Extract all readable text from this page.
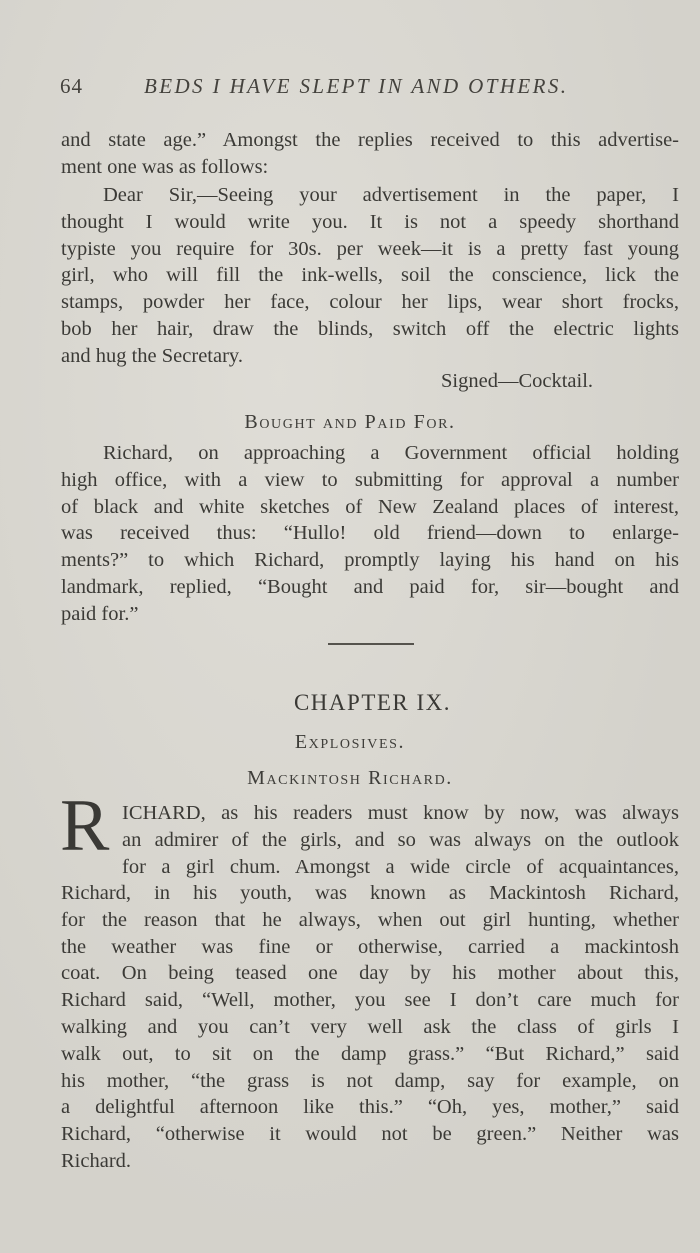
64	BEDS I HAVE SLEPT IN AND OTHERS.
and state age.” Amongst the replies received to this advertise-
ment one was as follows:
Dear Sir,—Seeing your advertisement in the paper, I
thought I would write you. It is not a speedy shorthand
typiste you require for 30s. per week—it is a pretty fast young
girl, who will fill the ink-wells, soil the conscience, lick the
stamps, powder her face, colour her lips, wear short frocks,
bob her hair, draw the blinds, switch off the electric lights
and hug the Secretary.
Signed—Cocktail.
Bought and Paid For.
Richard, on approaching a Government official holding
high office, with a view to submitting for approval a number
of black and white sketches of New Zealand places of interest,
was received thus: “Hullo! old friend—down to enlarge-
ments?” to which Richard, promptly laying his hand on his
landmark, replied, “Bought and paid for, sir—bought and
paid for.”
CHAPTER IX.
Explosives.
Mackintosh Richard.
R ICHARD, as his readers must know by now, was always
an admirer of the girls, and so was always on the outlook
for a girl chum. Amongst a wide circle of acquaintances,
Richard, in his youth, was known as Mackintosh Richard,
for the reason that he always, when out girl hunting, whether
the weather was fine or otherwise, carried a mackintosh
coat. On being teased one day by his mother about this,
Richard said, “Well, mother, you see I don’t care much for
walking and you can’t very well ask the class of girls I
walk out, to sit on the damp grass.” “But Richard,” said
his mother, “the grass is not damp, say for example, on
a delightful afternoon like this.” “Oh, yes, mother,” said
Richard, “otherwise it would not be green.” Neither was
Richard.
